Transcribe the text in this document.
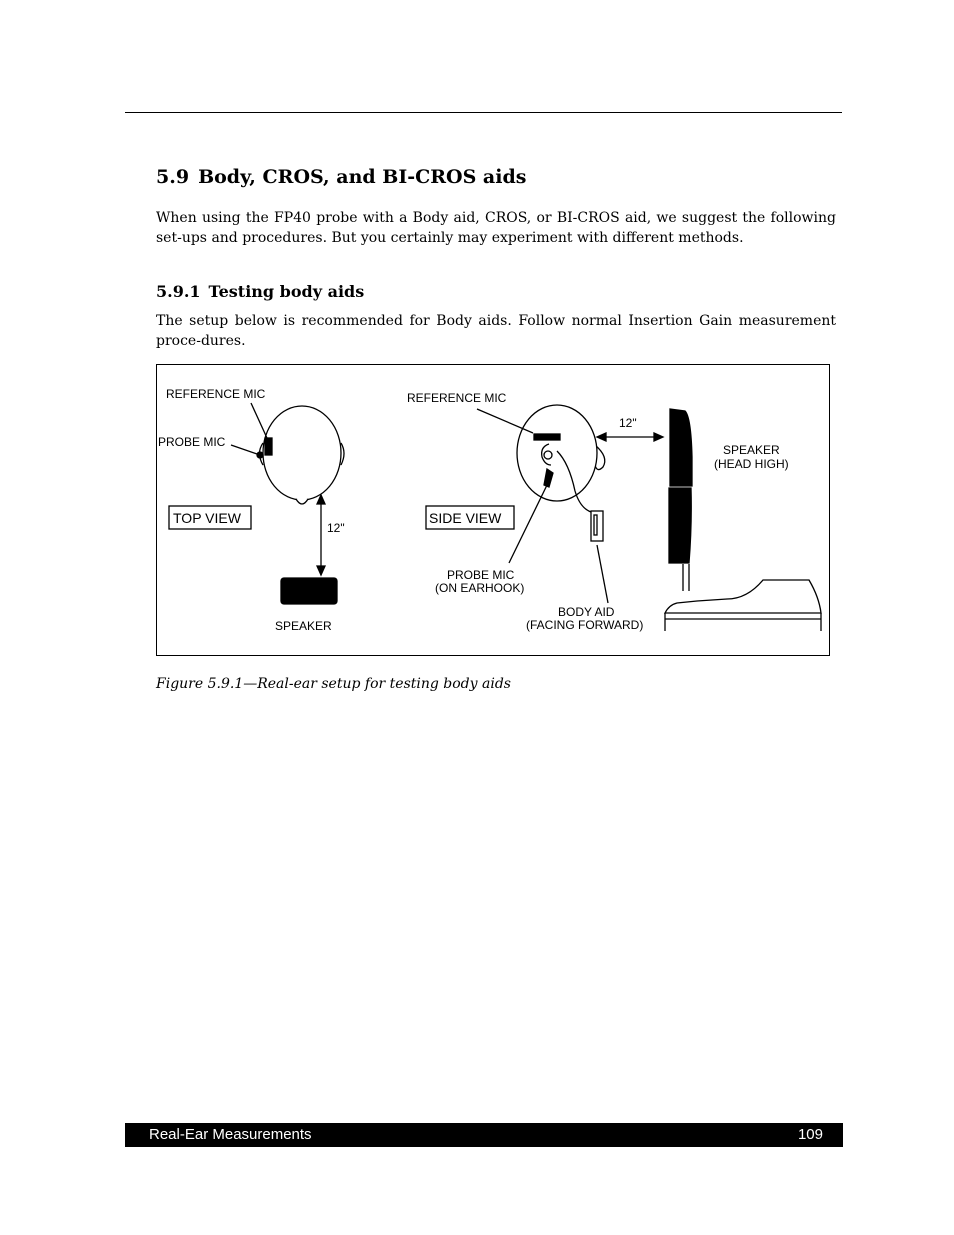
5.9 Body, CROS, and BI-CROS aids

When using the FP40 probe with a Body aid, CROS, or BI-CROS aid, we suggest the following set-ups and procedures. But you certainly may experiment with different methods.

5.9.1 Testing body aids

The setup below is recommended for Body aids. Follow normal Insertion Gain measurement proce-dures.

REFERENCE MIC
PROBE MIC
TOP VIEW
12"
SPEAKER
REFERENCE MIC
12"
SPEAKER
(HEAD HIGH)
SIDE VIEW
PROBE MIC
(ON EARHOOK)
BODY AID
(FACING FORWARD)

Figure 5.9.1—Real-ear setup for testing body aids

Real-Ear Measurements	109
